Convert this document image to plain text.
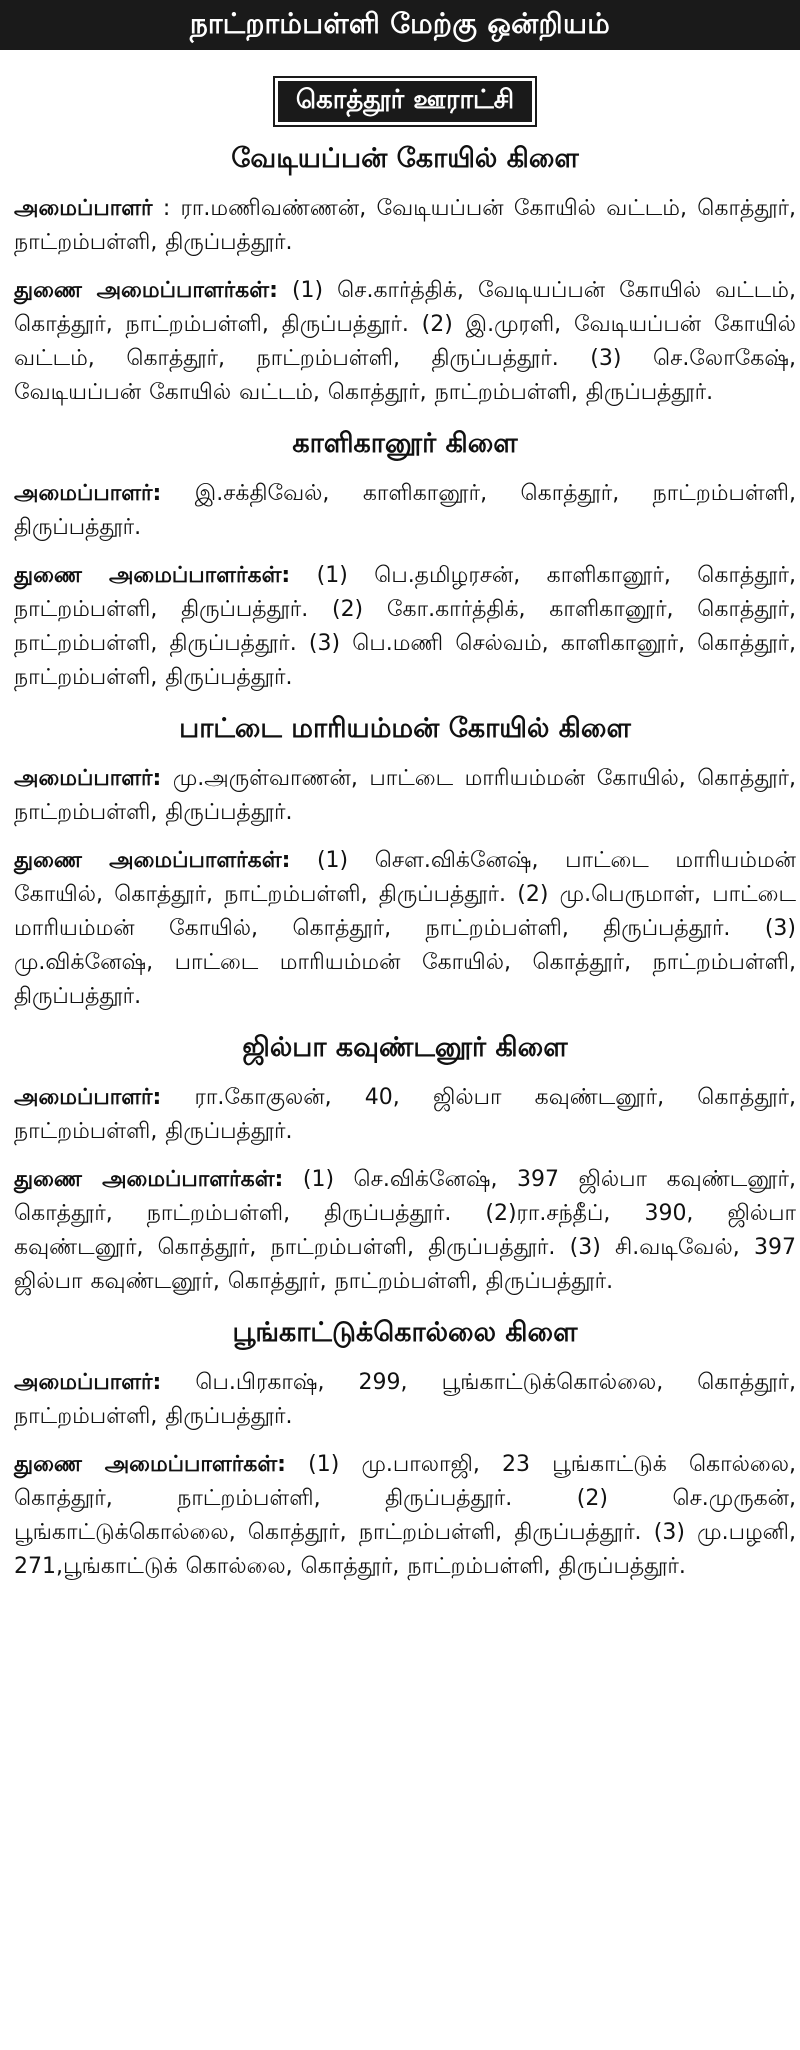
நாட்றாம்பள்ளி மேற்கு ஒன்றியம்
கொத்தூர் ஊராட்சி
வேடியப்பன் கோயில் கிளை

அமைப்பாளர் : ரா.மணிவண்ணன், வேடியப்பன் கோயில் வட்டம், கொத்தூர், நாட்றம்பள்ளி, திருப்பத்தூர்.

துணை அமைப்பாளர்கள்: (1) செ.கார்த்திக், வேடியப்பன் கோயில் வட்டம், கொத்தூர், நாட்றம்பள்ளி, திருப்பத்தூர். (2) இ.முரளி, வேடியப்பன் கோயில் வட்டம், கொத்தூர், நாட்றம்பள்ளி, திருப்பத்தூர். (3) செ.லோகேஷ், வேடியப்பன் கோயில் வட்டம், கொத்தூர், நாட்றம்பள்ளி, திருப்பத்தூர்.

காளிகானூர் கிளை

அமைப்பாளர்: இ.சக்திவேல், காளிகானூர், கொத்தூர், நாட்றம்பள்ளி, திருப்பத்தூர்.

துணை அமைப்பாளர்கள்: (1) பெ.தமிழரசன், காளிகானூர், கொத்தூர், நாட்றம்பள்ளி, திருப்பத்தூர். (2) கோ.கார்த்திக், காளிகானூர், கொத்தூர், நாட்றம்பள்ளி, திருப்பத்தூர். (3) பெ.மணி செல்வம், காளிகானூர், கொத்தூர், நாட்றம்பள்ளி, திருப்பத்தூர்.

பாட்டை மாரியம்மன் கோயில் கிளை

அமைப்பாளர்: மு.அருள்வாணன், பாட்டை மாரியம்மன் கோயில், கொத்தூர், நாட்றம்பள்ளி, திருப்பத்தூர்.

துணை அமைப்பாளர்கள்: (1) செள.விக்னேஷ், பாட்டை மாரியம்மன் கோயில், கொத்தூர், நாட்றம்பள்ளி, திருப்பத்தூர். (2) மு.பெருமாள், பாட்டை மாரியம்மன் கோயில், கொத்தூர், நாட்றம்பள்ளி, திருப்பத்தூர். (3) மு.விக்னேஷ், பாட்டை மாரியம்மன் கோயில், கொத்தூர், நாட்றம்பள்ளி, திருப்பத்தூர்.

ஜில்பா கவுண்டனூர் கிளை

அமைப்பாளர்: ரா.கோகுலன், 40, ஜில்பா கவுண்டனூர், கொத்தூர், நாட்றம்பள்ளி, திருப்பத்தூர்.

துணை அமைப்பாளர்கள்: (1) செ.விக்னேஷ், 397 ஜில்பா கவுண்டனூர், கொத்தூர், நாட்றம்பள்ளி, திருப்பத்தூர். (2)ரா.சந்தீப், 390, ஜில்பா கவுண்டனூர், கொத்தூர், நாட்றம்பள்ளி, திருப்பத்தூர். (3) சி.வடிவேல், 397 ஜில்பா கவுண்டனூர், கொத்தூர், நாட்றம்பள்ளி, திருப்பத்தூர்.

பூங்காட்டுக்கொல்லை கிளை

அமைப்பாளர்: பெ.பிரகாஷ், 299, பூங்காட்டுக்கொல்லை, கொத்தூர், நாட்றம்பள்ளி, திருப்பத்தூர்.

துணை அமைப்பாளர்கள்: (1) மு.பாலாஜி, 23 பூங்காட்டுக் கொல்லை, கொத்தூர், நாட்றம்பள்ளி, திருப்பத்தூர். (2) செ.முருகன், பூங்காட்டுக்கொல்லை, கொத்தூர், நாட்றம்பள்ளி, திருப்பத்தூர். (3) மு.பழனி, 271,பூங்காட்டுக் கொல்லை, கொத்தூர், நாட்றம்பள்ளி, திருப்பத்தூர்.
